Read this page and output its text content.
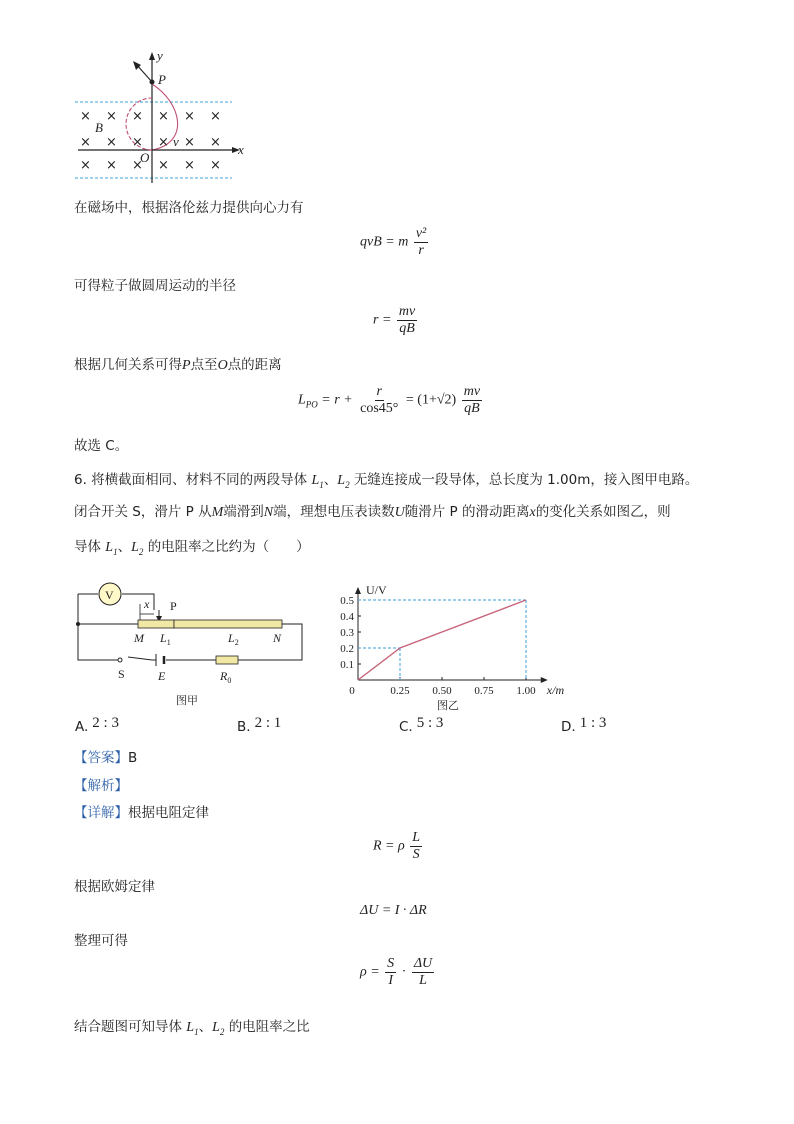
× × × × × ×
× × × × × ×
× × × × × ×
y
x
P
O
B
v
在磁场中，根据洛伦兹力提供向心力有
qvB = m $\frac{\text{v²}}{r}$
可得粒子做圆周运动的半径
$r = \frac{mv}{qB}$
根据几何关系可得P点至O点的距离
$L_{PO} = r + \frac{r}{\cos 45^\circ} = (1+√2) \frac{mv}{qB}$
故选 C。
6. 将横截面相同、材料不同的两段导体 $L_1$、$L_2$ 无缝连接成一段导体，总长度为 1.00m，接入图甲电路。
闭合开关 S，滑片 P 从M端滑到N端，理想电压表读数U随滑片 P 的滑动距离x的变化关系如图乙，则
导体 $L_1$、$L_2$ 的电阻率之比约为（　　）
V
x P
M $L_1$	$L_2$	N
E	$R_0$
S
图甲
0.1
0.2
0.3
0.4
0.5
0	0.25 0.50 0.75 1.00
U/V
x/m
图乙
A. 2 : 3	B. 2 : 1	C. 5 : 3	D. 1 : 3
【答案】B
【解析】
【详解】根据电阻定律
R = ρ $\frac{L}{S}$
根据欧姆定律
ΔU = I · ΔR
整理可得
$\rho = \frac{S}{I} \cdot \frac{\Delta U}{L}$
结合题图可知导体 $L_1$、$L_2$ 的电阻率之比
